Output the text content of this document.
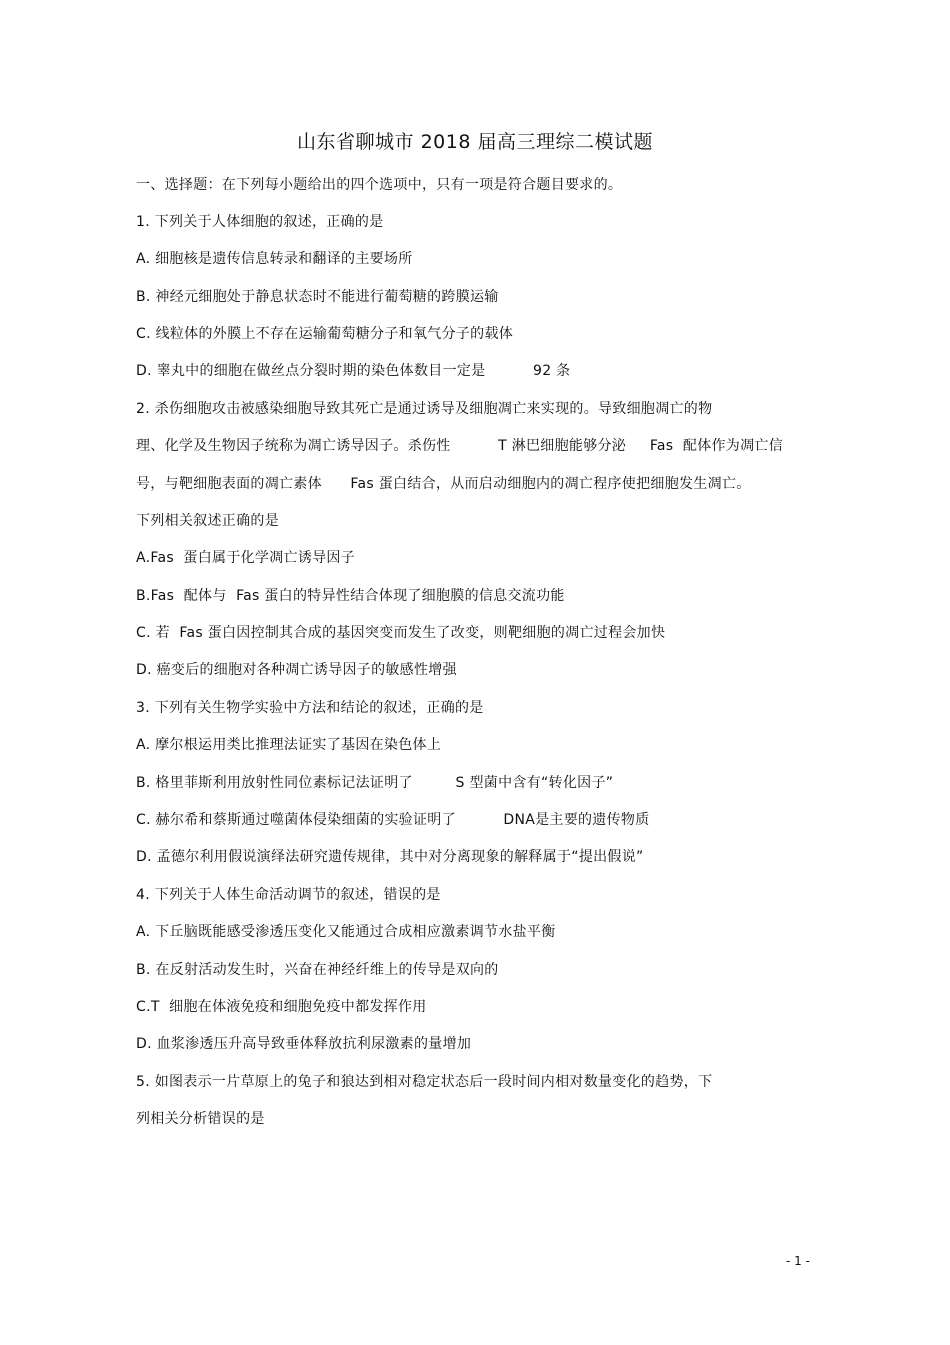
山东省聊城市 2018 届高三理综二模试题
一、选择题：在下列每小题给出的四个选项中，只有一项是符合题目要求的。
1. 下列关于人体细胞的叙述，正确的是
A. 细胞核是遗传信息转录和翻译的主要场所
B. 神经元细胞处于静息状态时不能进行葡萄糖的跨膜运输
C. 线粒体的外膜上不存在运输葡萄糖分子和氧气分子的载体
D. 睾丸中的细胞在做丝点分裂时期的染色体数目一定是          92 条
2. 杀伤细胞攻击被感染细胞导致其死亡是通过诱导及细胞凋亡来实现的。导致细胞凋亡的物
理、化学及生物因子统称为凋亡诱导因子。杀伤性          T 淋巴细胞能够分泌     Fas  配体作为凋亡信
号，与靶细胞表面的凋亡素体      Fas 蛋白结合，从而启动细胞内的凋亡程序使把细胞发生凋亡。
下列相关叙述正确的是
A.Fas  蛋白属于化学凋亡诱导因子
B.Fas  配体与  Fas 蛋白的特异性结合体现了细胞膜的信息交流功能
C. 若  Fas 蛋白因控制其合成的基因突变而发生了改变，则靶细胞的凋亡过程会加快
D. 癌变后的细胞对各种凋亡诱导因子的敏感性增强
3. 下列有关生物学实验中方法和结论的叙述，正确的是
A. 摩尔根运用类比推理法证实了基因在染色体上
B. 格里菲斯利用放射性同位素标记法证明了         S 型菌中含有“转化因子”
C. 赫尔希和蔡斯通过噬菌体侵染细菌的实验证明了          DNA是主要的遗传物质
D. 孟德尔利用假说演绎法研究遗传规律，其中对分离现象的解释属于“提出假说”
4. 下列关于人体生命活动调节的叙述，错误的是
A. 下丘脑既能感受渗透压变化又能通过合成相应激素调节水盐平衡
B. 在反射活动发生时，兴奋在神经纤维上的传导是双向的
C.T  细胞在体液免疫和细胞免疫中都发挥作用
D. 血浆渗透压升高导致垂体释放抗利尿激素的量增加
5. 如图表示一片草原上的兔子和狼达到相对稳定状态后一段时间内相对数量变化的趋势，下
列相关分析错误的是
- 1 -
